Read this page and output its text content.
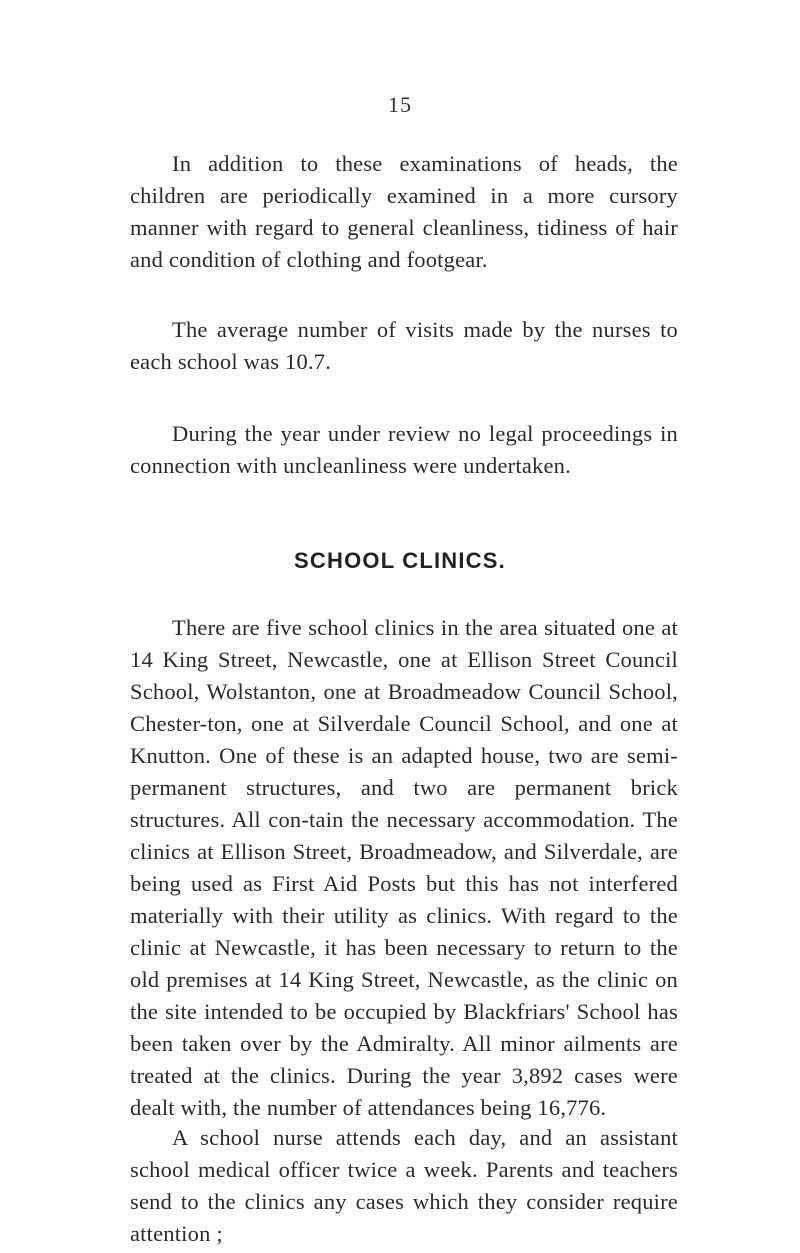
15

In addition to these examinations of heads, the children are periodically examined in a more cursory manner with regard to general cleanliness, tidiness of hair and condition of clothing and footgear.

The average number of visits made by the nurses to each school was 10.7.

During the year under review no legal proceedings in connection with uncleanliness were undertaken.

SCHOOL CLINICS.

There are five school clinics in the area situated one at 14 King Street, Newcastle, one at Ellison Street Council School, Wolstanton, one at Broadmeadow Council School, Chester-ton, one at Silverdale Council School, and one at Knutton. One of these is an adapted house, two are semi-permanent structures, and two are permanent brick structures. All con-tain the necessary accommodation. The clinics at Ellison Street, Broadmeadow, and Silverdale, are being used as First Aid Posts but this has not interfered materially with their utility as clinics. With regard to the clinic at Newcastle, it has been necessary to return to the old premises at 14 King Street, Newcastle, as the clinic on the site intended to be occupied by Blackfriars' School has been taken over by the Admiralty. All minor ailments are treated at the clinics. During the year 3,892 cases were dealt with, the number of attendances being 16,776.

A school nurse attends each day, and an assistant school medical officer twice a week. Parents and teachers send to the clinics any cases which they consider require attention ;
